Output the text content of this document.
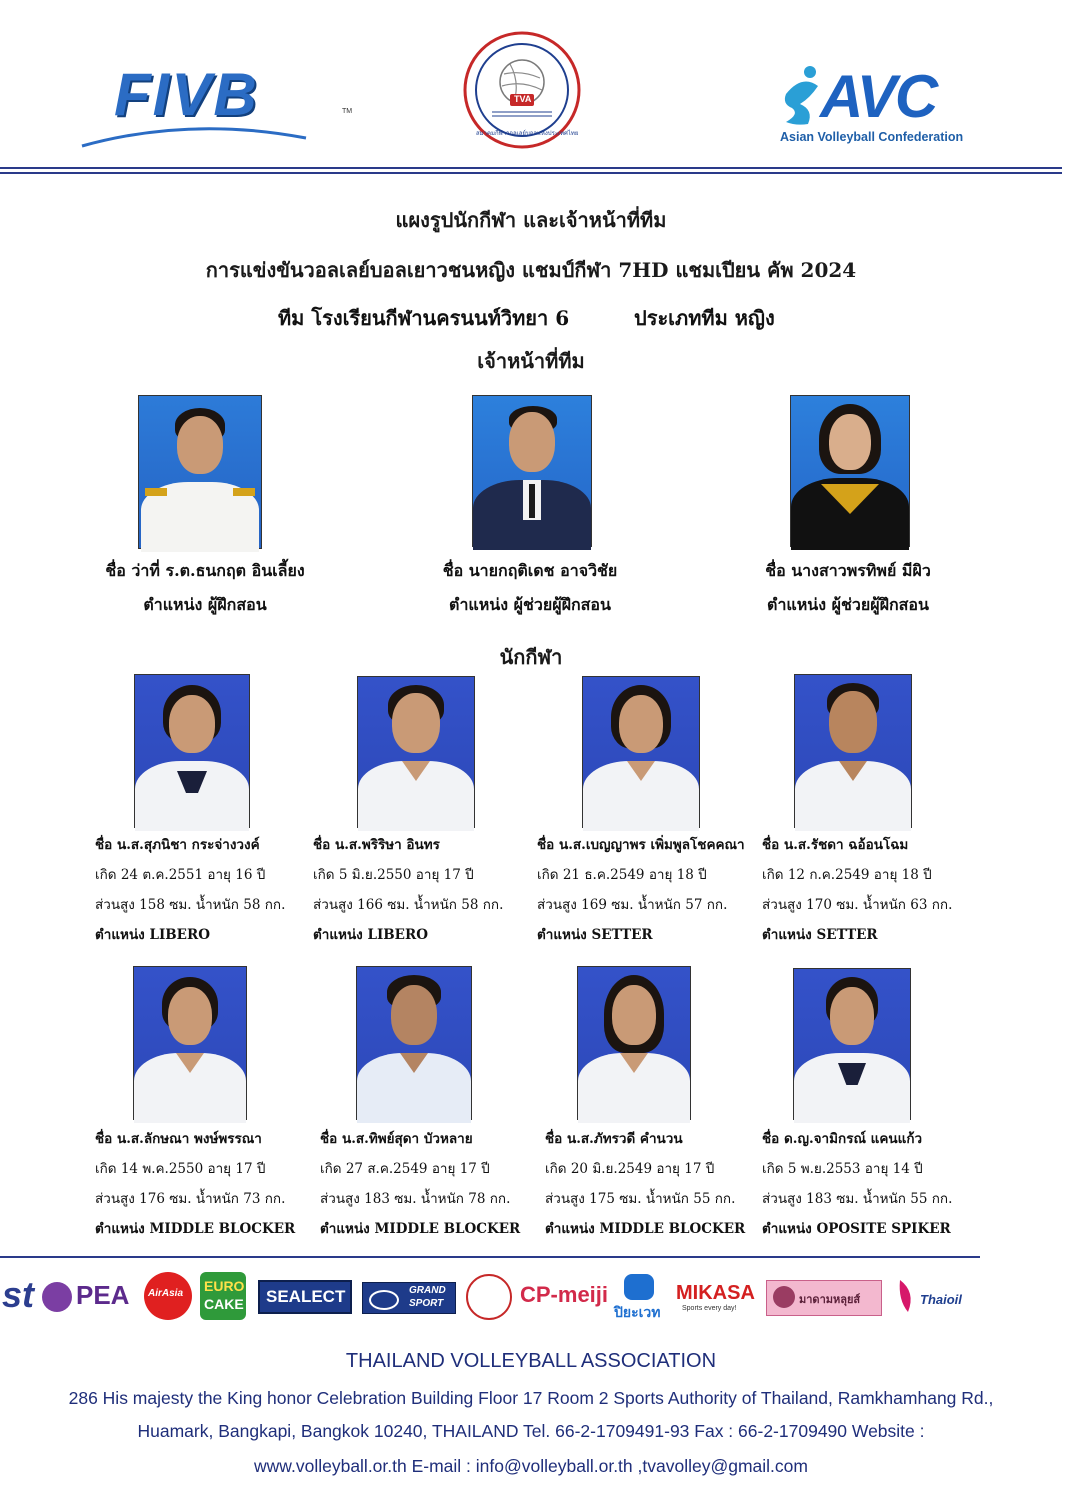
FIVB	TM
TVA
สมาคมกีฬาวอลเลย์บอลแห่งประเทศไทย
AVC
Asian Volleyball Confederation
แผงรูปนักกีฬา และเจ้าหน้าที่ทีม
การแข่งขันวอลเลย์บอลเยาวชนหญิง แชมป์กีฬา 7HD แชมเปียน คัพ 2024
ทีม โรงเรียนกีฬานครนนท์วิทยา 6	ประเภททีม หญิง
เจ้าหน้าที่ทีม
ชื่อ ว่าที่ ร.ต.ธนกฤต อินเลี้ยง
ตำแหน่ง ผู้ฝึกสอน
ชื่อ นายกฤติเดช อาจวิชัย
ตำแหน่ง ผู้ช่วยผู้ฝึกสอน
ชื่อ นางสาวพรทิพย์ มีผิว
ตำแหน่ง ผู้ช่วยผู้ฝึกสอน
นักกีฬา
ชื่อ น.ส.สุภนิชา กระจ่างวงค์
เกิด 24 ต.ค.2551 อายุ 16 ปี
ส่วนสูง 158 ซม. น้ำหนัก 58 กก.
ตำแหน่ง LIBERO
ชื่อ น.ส.พริริษา อินทร
เกิด 5 มิ.ย.2550 อายุ 17 ปี
ส่วนสูง 166 ซม. น้ำหนัก 58 กก.
ตำแหน่ง LIBERO
ชื่อ น.ส.เบญญาพร เพิ่มพูลโชคคณา
เกิด 21 ธ.ค.2549 อายุ 18 ปี
ส่วนสูง 169 ซม. น้ำหนัก 57 กก.
ตำแหน่ง SETTER
ชื่อ น.ส.รัชดา ฉอ้อนโฉม
เกิด 12 ก.ค.2549 อายุ 18 ปี
ส่วนสูง 170 ซม. น้ำหนัก 63 กก.
ตำแหน่ง SETTER
ชื่อ น.ส.ลักษณา พงษ์พรรณา
เกิด 14 พ.ค.2550 อายุ 17 ปี
ส่วนสูง 176 ซม. น้ำหนัก 73 กก.
ตำแหน่ง MIDDLE BLOCKER
ชื่อ น.ส.ทิพย์สุดา บัวหลาย
เกิด 27 ส.ค.2549 อายุ 17 ปี
ส่วนสูง 183 ซม. น้ำหนัก 78 กก.
ตำแหน่ง MIDDLE BLOCKER
ชื่อ น.ส.ภัทรวดี คำนวน
เกิด 20 มิ.ย.2549 อายุ 17 ปี
ส่วนสูง 175 ซม. น้ำหนัก 55 กก.
ตำแหน่ง MIDDLE BLOCKER
ชื่อ ด.ญ.จามิกรณ์ แคนแก้ว
เกิด 5 พ.ย.2553 อายุ 14 ปี
ส่วนสูง 183 ซม. น้ำหนัก 55 กก.
ตำแหน่ง OPOSITE SPIKER
st PEA AirAsia EURO
CAKE SEALECT	GRAND
SPORT	CP-meiji
ปิยะเวท
MIKASA
Sports every day!
มาดามหลุยส์	Thaioil
THAILAND VOLLEYBALL ASSOCIATION
286 His majesty the King honor Celebration Building Floor 17 Room 2 Sports Authority of Thailand, Ramkhamhang Rd.,
Huamark, Bangkapi, Bangkok 10240, THAILAND Tel. 66-2-1709491-93 Fax : 66-2-1709490 Website :
www.volleyball.or.th E-mail : info@volleyball.or.th ,tvavolley@gmail.com
